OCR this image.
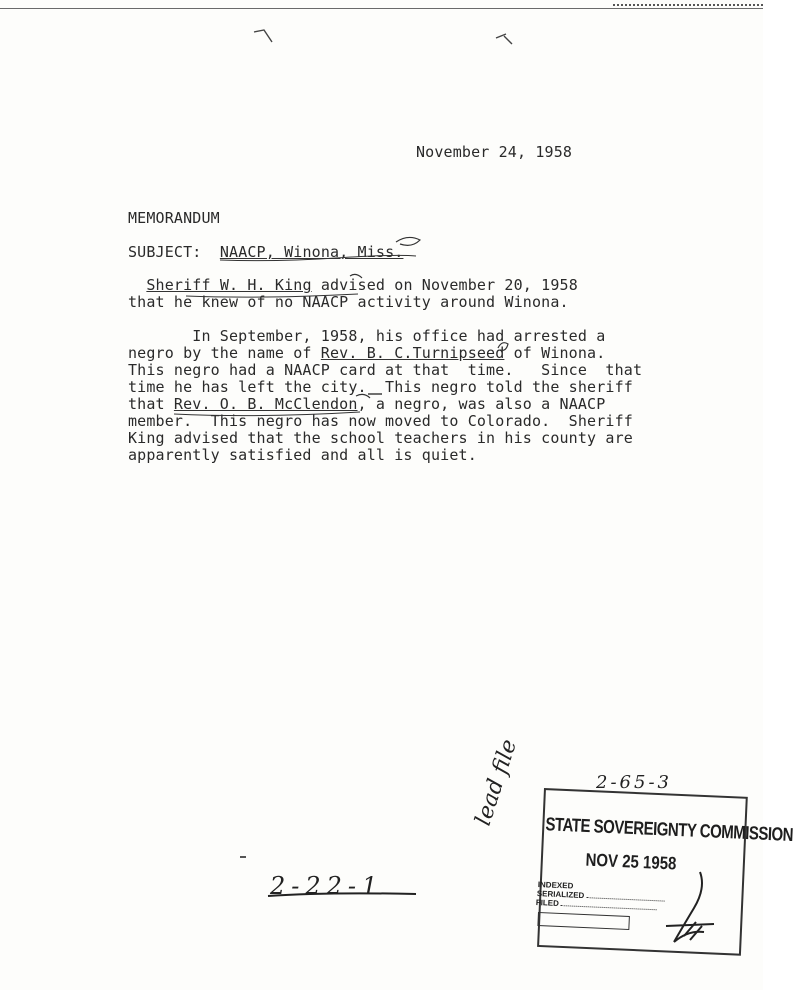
November 24, 1958
MEMORANDUM
SUBJECT: NAACP, Winona, Miss.
Sheriff W. H. King advised on November 20, 1958
that he knew of no NAACP activity around Winona.
In September, 1958, his office had arrested a
negro by the name of Rev. B. C.Turnipseed of Winona.
This negro had a NAACP card at that  time.   Since  that
time he has left the city.  This negro told the sheriff
that Rev. O. B. McClendon, a negro, was also a NAACP
member.  This negro has now moved to Colorado.  Sheriff
King advised that the school teachers in his county are
apparently satisfied and all is quiet.
lead file	2-65-3
2-22-1
STATE SOVEREIGNTY COMMISSION
NOV 25 1958
INDEXED
SERIALIZED
FILED
